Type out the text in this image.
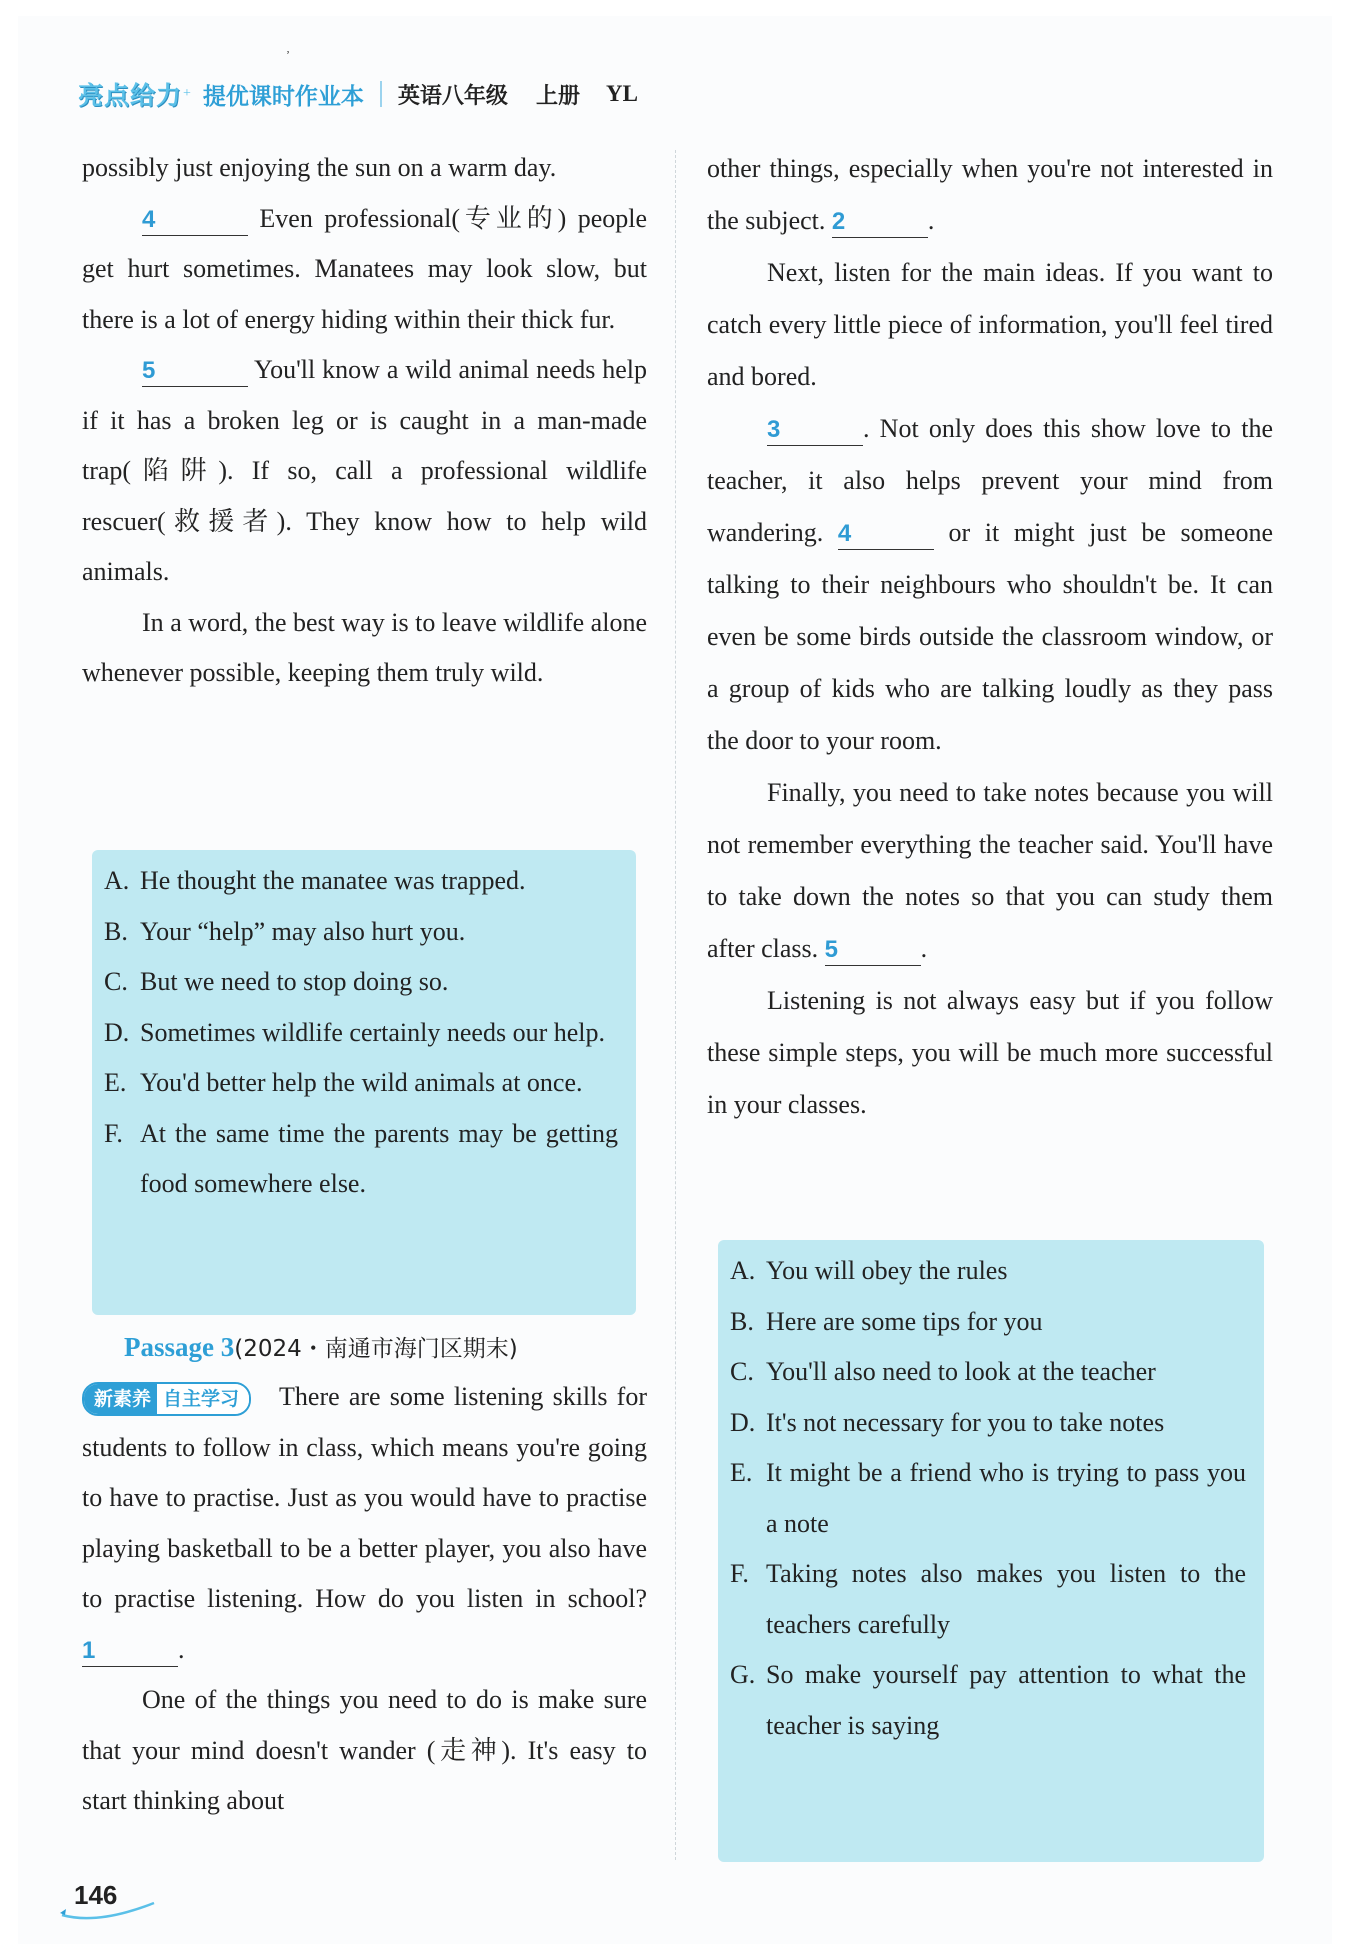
亮点给力 + 提优课时作业本 英语八年级 上册 YL
ʼ

possibly just enjoying the sun on a warm day.

4	Even professional(专业的) people get hurt sometimes. Manatees may look slow, but there is a lot of energy hiding within their thick fur.

5	You'll know a wild animal needs help if it has a broken leg or is caught in a man-made trap(陷阱). If so, call a professional wildlife rescuer(救援者). They know how to help wild animals.

In a word, the best way is to leave wildlife alone whenever possible, keeping them truly wild.

A. He thought the manatee was trapped.
B. Your “help” may also hurt you.
C. But we need to stop doing so.
D. Sometimes wildlife certainly needs our help.
E. You'd better help the wild animals at once.
F. At the same time the parents may be getting food somewhere else.
Passage 3(2024・南通市海门区期末)

新素养 自主学习 There are some listening skills for students to follow in class, which means you're going to have to practise. Just as you would have to practise playing basketball to be a better player, you also have to practise listening. How do you listen in school? 1	.

One of the things you need to do is make sure that your mind doesn't wander (走神). It's easy to start thinking about

other things, especially when you're not interested in the subject. 2	.

Next, listen for the main ideas. If you want to catch every little piece of information, you'll feel tired and bored.

3	. Not only does this show love to the teacher, it also helps prevent your mind from wandering. 4	or it might just be someone talking to their neighbours who shouldn't be. It can even be some birds outside the classroom window, or a group of kids who are talking loudly as they pass the door to your room.

Finally, you need to take notes because you will not remember everything the teacher said. You'll have to take down the notes so that you can study them after class. 5	.

Listening is not always easy but if you follow these simple steps, you will be much more successful in your classes.

A. You will obey the rules
B. Here are some tips for you
C. You'll also need to look at the teacher
D. It's not necessary for you to take notes
E. It might be a friend who is trying to pass you a note
F. Taking notes also makes you listen to the teachers carefully
G. So make yourself pay attention to what the teacher is saying
146
